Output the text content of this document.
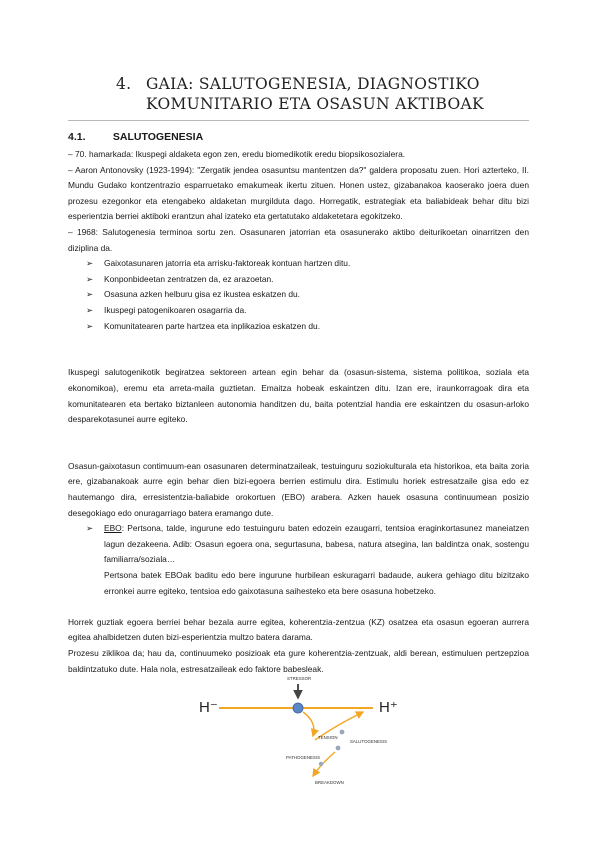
4. GAIA: SALUTOGENESIA, DIAGNOSTIKO
KOMUNITARIO ETA OSASUN AKTIBOAK
4.1.	SALUTOGENESIA

– 70. hamarkada: Ikuspegi aldaketa egon zen, eredu biomedikotik eredu biopsikosozialera.

– Aaron Antonovsky (1923-1994): "Zergatik jendea osasuntsu mantentzen da?" galdera proposatu zuen. Hori azterteko, II. Mundu Gudako kontzentrazio esparruetako emakumeak ikertu zituen. Honen ustez, gizabanakoa kaoserako joera duen prozesu ezegonkor eta etengabeko aldaketan murgilduta dago. Horregatik, estrategiak eta baliabideak behar ditu bizi esperientzia berriei aktiboki erantzun ahal izateko eta gertatutako aldaketetara egokitzeko.

– 1968: Salutogenesia terminoa sortu zen. Osasunaren jatorrian eta osasunerako aktibo deiturikoetan oinarritzen den diziplina da.

➢ Gaixotasunaren jatorria eta arrisku-faktoreak kontuan hartzen ditu.
➢ Konponbideetan zentratzen da, ez arazoetan.
➢ Osasuna azken helburu gisa ez ikustea eskatzen du.
➢ Ikuspegi patogenikoaren osagarria da.
➢ Komunitatearen parte hartzea eta inplikazioa eskatzen du.

Ikuspegi salutogenikotik begiratzea sektoreen artean egin behar da (osasun-sistema, sistema politikoa, soziala eta ekonomikoa), eremu eta arreta-maila guztietan. Emaitza hobeak eskaintzen ditu. Izan ere, iraunkorragoak dira eta komunitatearen eta bertako biztanleen autonomia handitzen du, baita potentzial handia ere eskaintzen du osasun-arloko desparekotasunei aurre egiteko.

Osasun-gaixotasun contimuum-ean osasunaren determinatzaileak, testuinguru soziokulturala eta historikoa, eta baita zoria ere, gizabanakoak aurre egin behar dien bizi-egoera berrien estimulu dira. Estimulu horiek estresatzaile gisa edo ez hautemango dira, erresistentzia-baliabide orokortuen (EBO) arabera. Azken hauek osasuna continuumean posizio desegokiago edo onuragarriago batera eramango dute.

➢ EBO: Pertsona, talde, ingurune edo testuinguru baten edozein ezaugarri, tentsioa eraginkortasunez maneiatzen lagun dezakeena. Adib: Osasun egoera ona, segurtasuna, babesa, natura atsegina, lan baldintza onak, sostengu familiarra/soziala…
Pertsona batek EBOak baditu edo bere ingurune hurbilean eskuragarri badaude, aukera gehiago ditu bizitzako erronkei aurre egiteko, tentsioa edo gaixotasuna saihesteko eta bere osasuna hobetzeko.

Horrek guztiak egoera berriei behar bezala aurre egitea, koherentzia-zentzua (KZ) osatzea eta osasun egoeran aurrera egitea ahalbidetzen duten bizi-esperientzia multzo batera darama.

Prozesu ziklikoa da; hau da, continuumeko posizioak eta gure koherentzia-zentzuak, aldi berean, estimuluen pertzepzioa baldintzatuko dute. Hala nola, estresatzaileak edo faktore babesleak.

H⁻	H⁺
STRESSOR
TENSION
SALUTOGENESIS
PATHOGENESIS
BREAKDOWN
